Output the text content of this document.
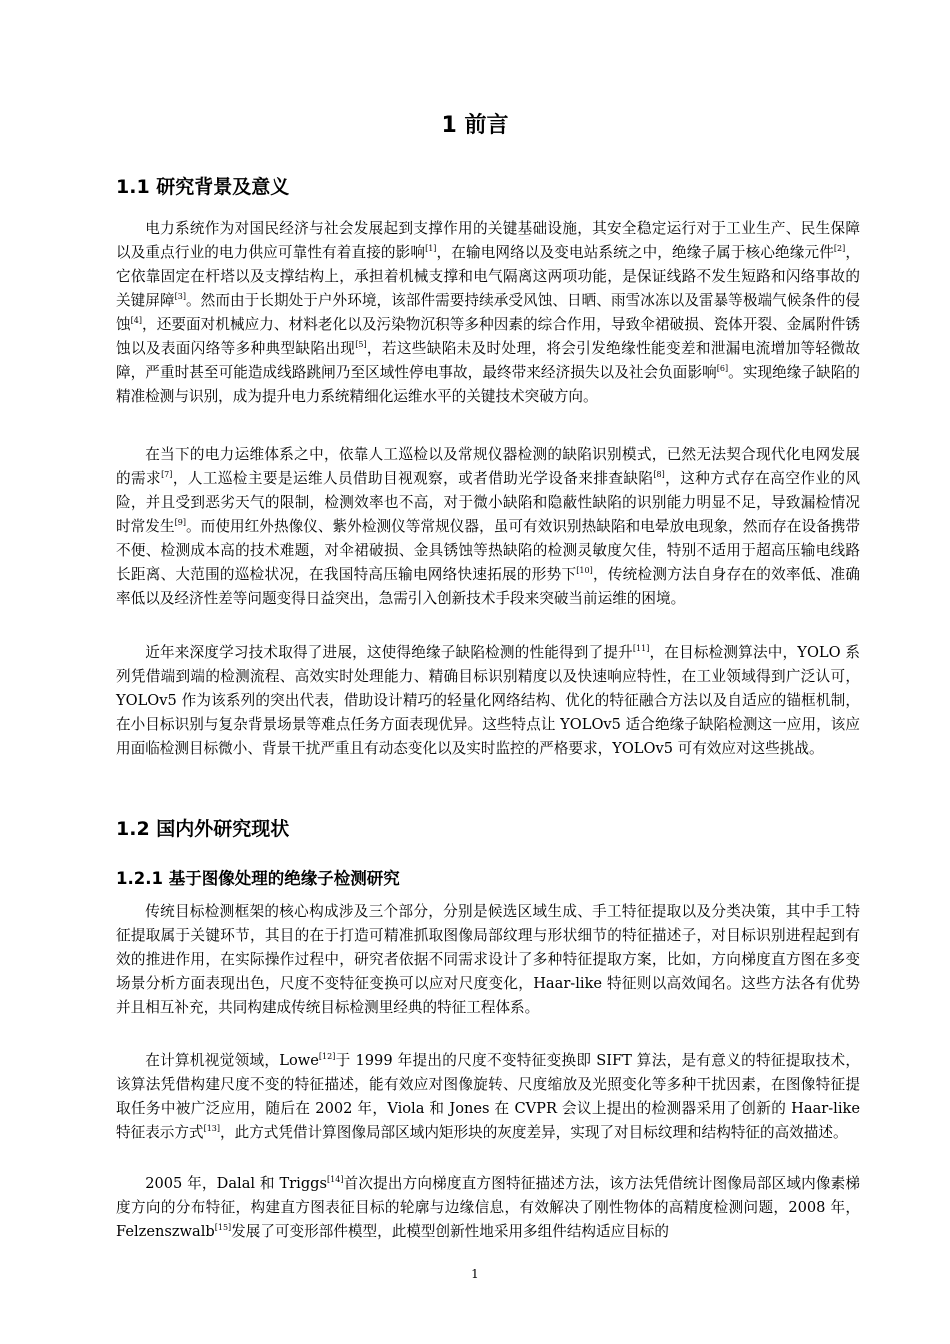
1 前言
1.1 研究背景及意义

电力系统作为对国民经济与社会发展起到支撑作用的关键基础设施，其安全稳定运行对于工业生产、民生保障以及重点行业的电力供应可靠性有着直接的影响[1]，在输电网络以及变电站系统之中，绝缘子属于核心绝缘元件[2]，它依靠固定在杆塔以及支撑结构上，承担着机械支撑和电气隔离这两项功能，是保证线路不发生短路和闪络事故的关键屏障[3]。然而由于长期处于户外环境，该部件需要持续承受风蚀、日晒、雨雪冰冻以及雷暴等极端气候条件的侵蚀[4]，还要面对机械应力、材料老化以及污染物沉积等多种因素的综合作用，导致伞裙破损、瓷体开裂、金属附件锈蚀以及表面闪络等多种典型缺陷出现[5]，若这些缺陷未及时处理，将会引发绝缘性能变差和泄漏电流增加等轻微故障，严重时甚至可能造成线路跳闸乃至区域性停电事故，最终带来经济损失以及社会负面影响[6]。实现绝缘子缺陷的精准检测与识别，成为提升电力系统精细化运维水平的关键技术突破方向。

在当下的电力运维体系之中，依靠人工巡检以及常规仪器检测的缺陷识别模式，已然无法契合现代化电网发展的需求[7]，人工巡检主要是运维人员借助目视观察，或者借助光学设备来排查缺陷[8]，这种方式存在高空作业的风险，并且受到恶劣天气的限制，检测效率也不高，对于微小缺陷和隐蔽性缺陷的识别能力明显不足，导致漏检情况时常发生[9]。而使用红外热像仪、紫外检测仪等常规仪器，虽可有效识别热缺陷和电晕放电现象，然而存在设备携带不便、检测成本高的技术难题，对伞裙破损、金具锈蚀等热缺陷的检测灵敏度欠佳，特别不适用于超高压输电线路长距离、大范围的巡检状况，在我国特高压输电网络快速拓展的形势下[10]，传统检测方法自身存在的效率低、准确率低以及经济性差等问题变得日益突出，急需引入创新技术手段来突破当前运维的困境。

近年来深度学习技术取得了进展，这使得绝缘子缺陷检测的性能得到了提升[11]，在目标检测算法中，YOLO 系列凭借端到端的检测流程、高效实时处理能力、精确目标识别精度以及快速响应特性，在工业领域得到广泛认可，YOLOv5 作为该系列的突出代表，借助设计精巧的轻量化网络结构、优化的特征融合方法以及自适应的锚框机制，在小目标识别与复杂背景场景等难点任务方面表现优异。这些特点让 YOLOv5 适合绝缘子缺陷检测这一应用，该应用面临检测目标微小、背景干扰严重且有动态变化以及实时监控的严格要求，YOLOv5 可有效应对这些挑战。

1.2 国内外研究现状
1.2.1 基于图像处理的绝缘子检测研究

传统目标检测框架的核心构成涉及三个部分，分别是候选区域生成、手工特征提取以及分类决策，其中手工特征提取属于关键环节，其目的在于打造可精准抓取图像局部纹理与形状细节的特征描述子，对目标识别进程起到有效的推进作用，在实际操作过程中，研究者依据不同需求设计了多种特征提取方案，比如，方向梯度直方图在多变场景分析方面表现出色，尺度不变特征变换可以应对尺度变化，Haar-like 特征则以高效闻名。这些方法各有优势并且相互补充，共同构建成传统目标检测里经典的特征工程体系。

在计算机视觉领域，Lowe[12]于 1999 年提出的尺度不变特征变换即 SIFT 算法，是有意义的特征提取技术，该算法凭借构建尺度不变的特征描述，能有效应对图像旋转、尺度缩放及光照变化等多种干扰因素，在图像特征提取任务中被广泛应用，随后在 2002 年，Viola 和 Jones 在 CVPR 会议上提出的检测器采用了创新的 Haar-like 特征表示方式[13]，此方式凭借计算图像局部区域内矩形块的灰度差异，实现了对目标纹理和结构特征的高效描述。

2005 年，Dalal 和 Triggs[14]首次提出方向梯度直方图特征描述方法，该方法凭借统计图像局部区域内像素梯度方向的分布特征，构建直方图表征目标的轮廓与边缘信息，有效解决了刚性物体的高精度检测问题，2008 年，Felzenszwalb[15]发展了可变形部件模型，此模型创新性地采用多组件结构适应目标的

1
